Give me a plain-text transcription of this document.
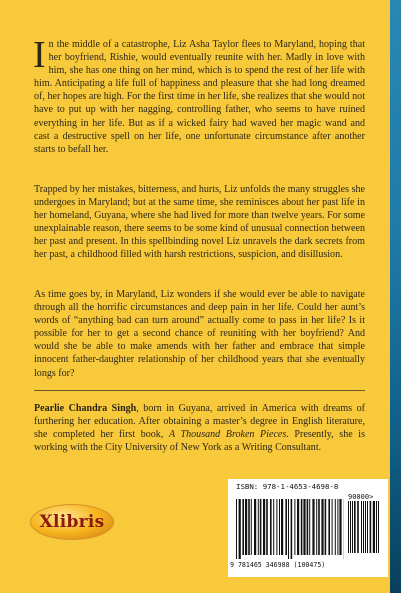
In the middle of a catastrophe, Liz Asha Taylor flees to Maryland, hoping that her boyfriend, Rishie, would eventually reunite with her. Madly in love with him, she has one thing on her mind, which is to spend the rest of her life with him. Anticipating a life full of happiness and pleasure that she had long dreamed of, her hopes are high. For the first time in her life, she realizes that she would not have to put up with her nagging, controlling father, who seems to have ruined everything in her life. But as if a wicked fairy had waved her magic wand and cast a destructive spell on her life, one unfortunate circumstance after another starts to befall her.
Trapped by her mistakes, bitterness, and hurts, Liz unfolds the many struggles she undergoes in Maryland; but at the same time, she reminisces about her past life in her homeland, Guyana, where she had lived for more than twelve years. For some unexplainable reason, there seems to be some kind of unusual connection between her past and present. In this spellbinding novel Liz unravels the dark secrets from her past, a childhood filled with harsh restrictions, suspicion, and disillusion.
As time goes by, in Maryland, Liz wonders if she would ever be able to navigate through all the horrific circumstances and deep pain in her life. Could her aunt’s words of “anything bad can turn around” actually come to pass in her life? Is it possible for her to get a second chance of reuniting with her boyfriend? And would she be able to make amends with her father and embrace that simple innocent father-daughter relationship of her childhood years that she eventually longs for?
Pearlie Chandra Singh, born in Guyana, arrived in America with dreams of furthering her education. After obtaining a master’s degree in English literature, she completed her first book, A Thousand Broken Pieces. Presently, she is working with the City University of New York as a Writing Consultant.
Xlibris
ISBN: 978-1-4653-4698-8
90000>
9 781465 346988 (100475)
